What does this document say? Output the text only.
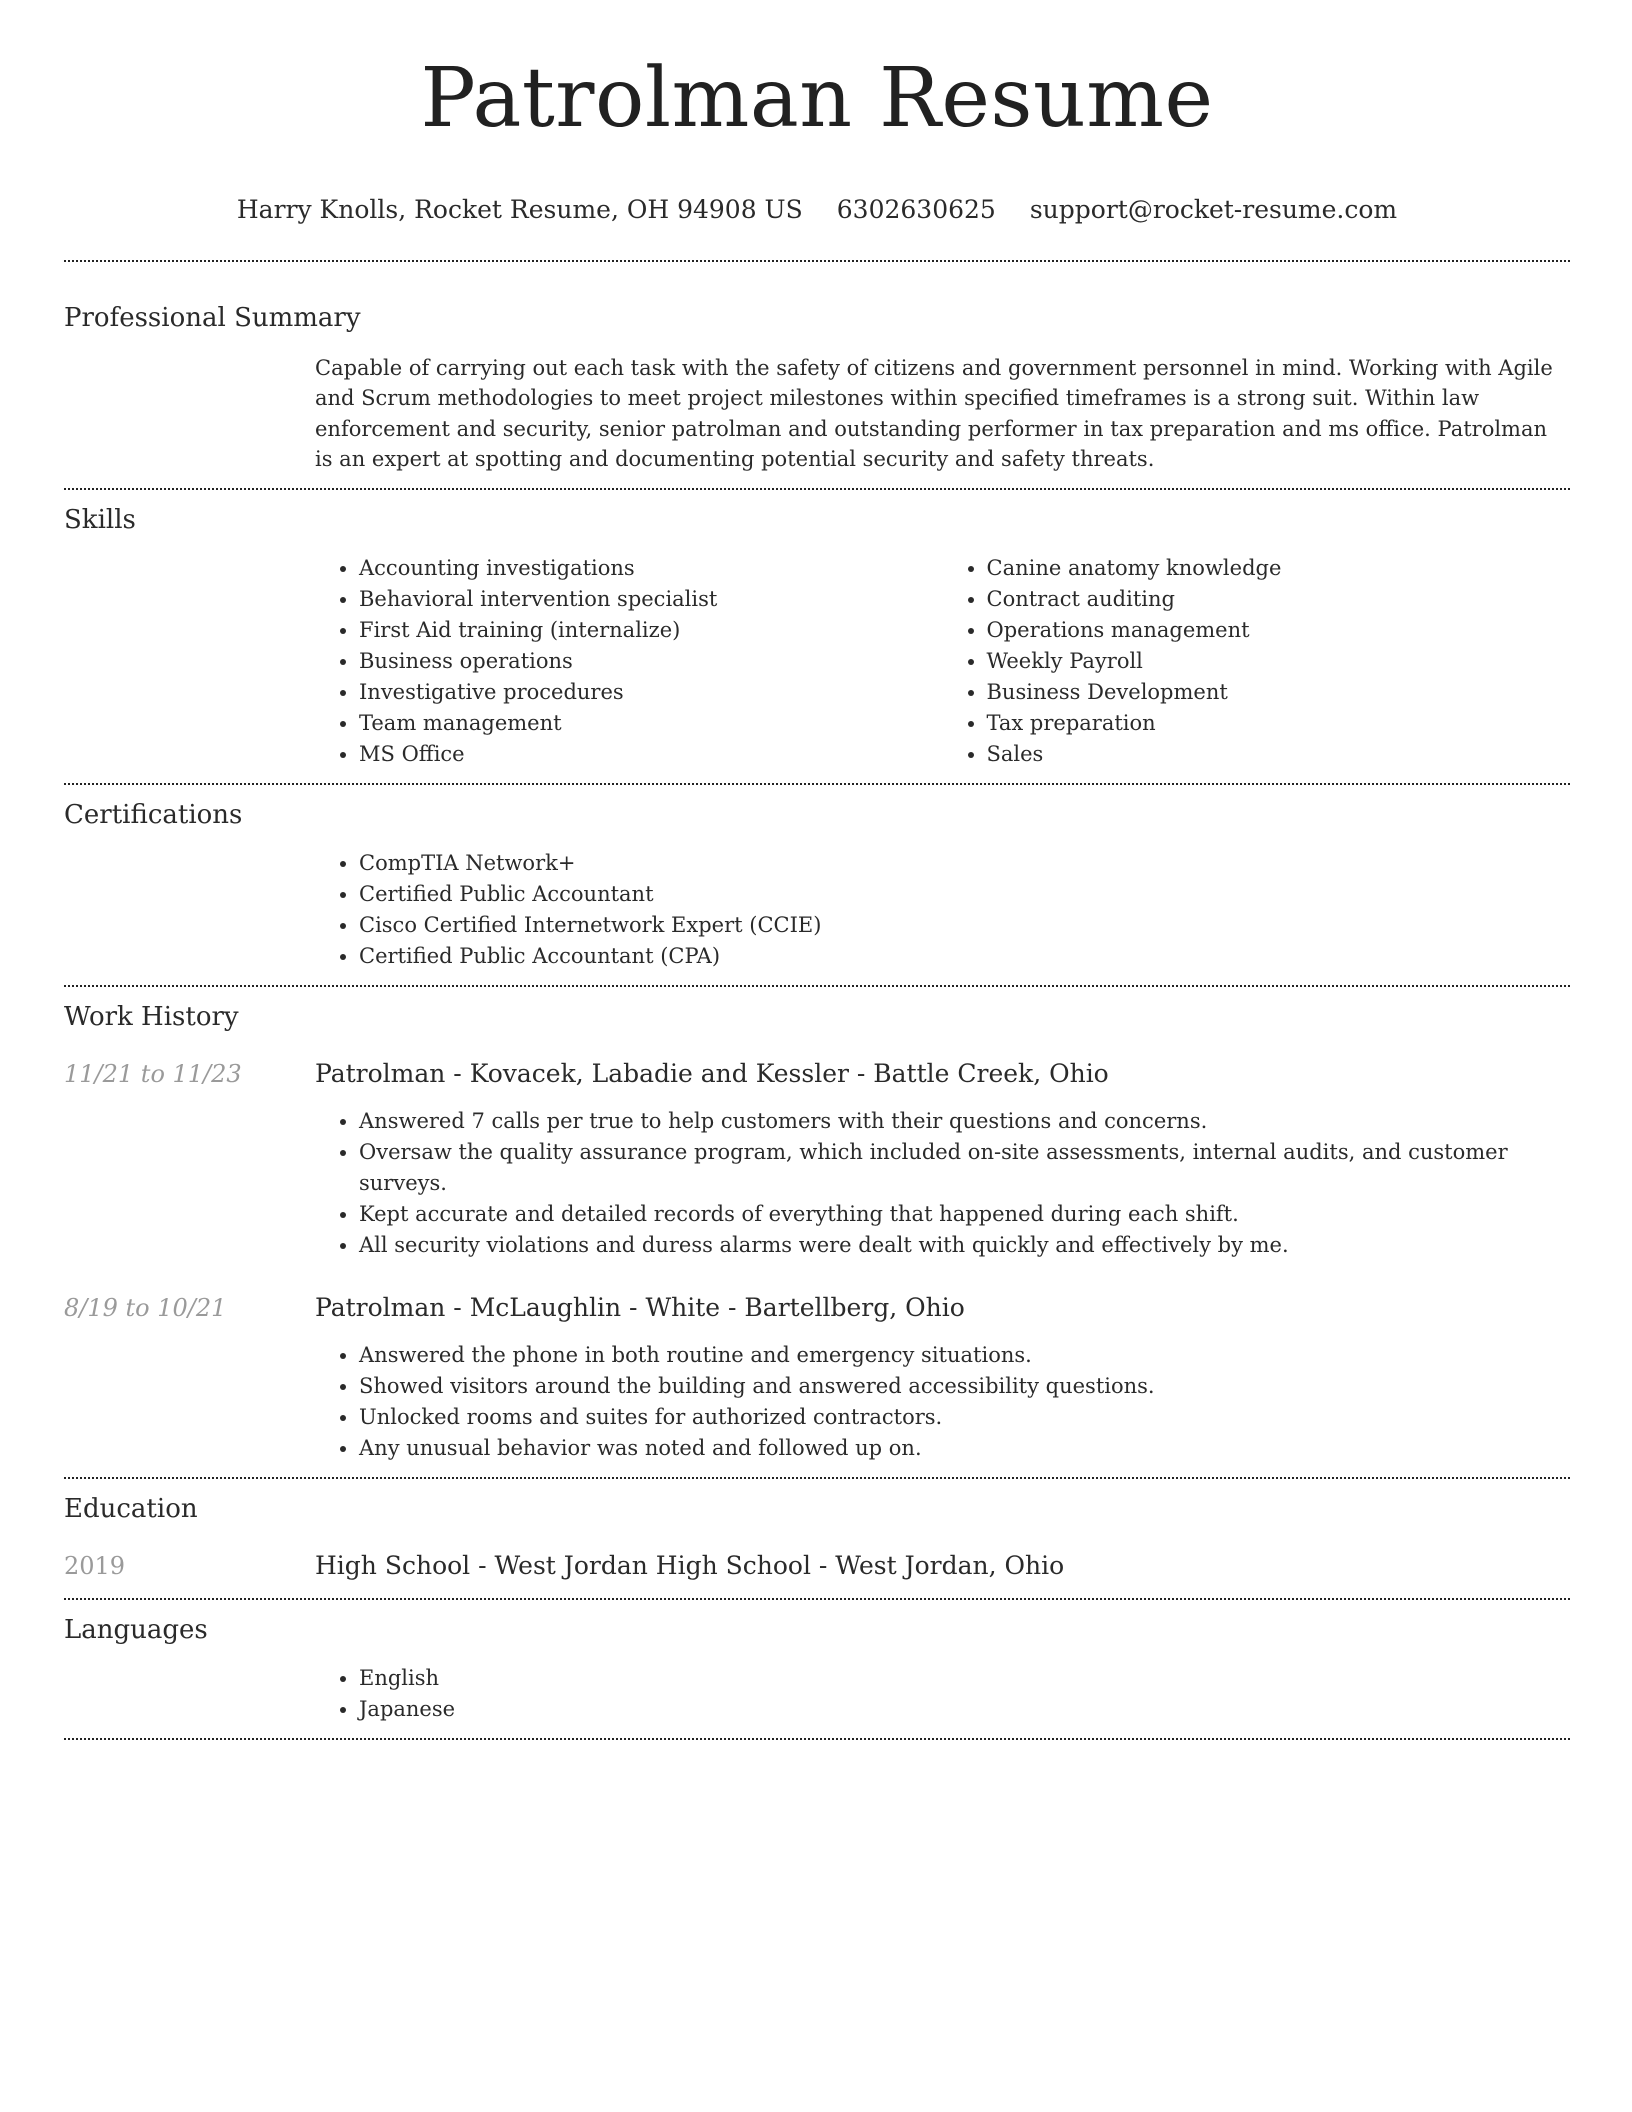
Patrolman Resume
Harry Knolls, Rocket Resume, OH 94908 US 6302630625 support@rocket-resume.com
Professional Summary

Capable of carrying out each task with the safety of citizens and government personnel in mind. Working with Agile and Scrum methodologies to meet project milestones within specified timeframes is a strong suit. Within law enforcement and security, senior patrolman and outstanding performer in tax preparation and ms office. Patrolman is an expert at spotting and documenting potential security and safety threats.

Skills
• Accounting investigations
• Behavioral intervention specialist
• First Aid training (internalize)
• Business operations
• Investigative procedures
• Team management
• MS Office
• Canine anatomy knowledge
• Contract auditing
• Operations management
• Weekly Payroll
• Business Development
• Tax preparation
• Sales
Certifications
• CompTIA Network+
• Certified Public Accountant
• Cisco Certified Internetwork Expert (CCIE)
• Certified Public Accountant (CPA)
Work History
11/21 to 11/23	Patrolman - Kovacek, Labadie and Kessler - Battle Creek, Ohio
• Answered 7 calls per true to help customers with their questions and concerns.
• Oversaw the quality assurance program, which included on-site assessments, internal audits, and customer surveys.
• Kept accurate and detailed records of everything that happened during each shift.
• All security violations and duress alarms were dealt with quickly and effectively by me.
8/19 to 10/21	Patrolman - McLaughlin - White - Bartellberg, Ohio
• Answered the phone in both routine and emergency situations.
• Showed visitors around the building and answered accessibility questions.
• Unlocked rooms and suites for authorized contractors.
• Any unusual behavior was noted and followed up on.
Education
2019	High School - West Jordan High School - West Jordan, Ohio
Languages
• English
• Japanese
